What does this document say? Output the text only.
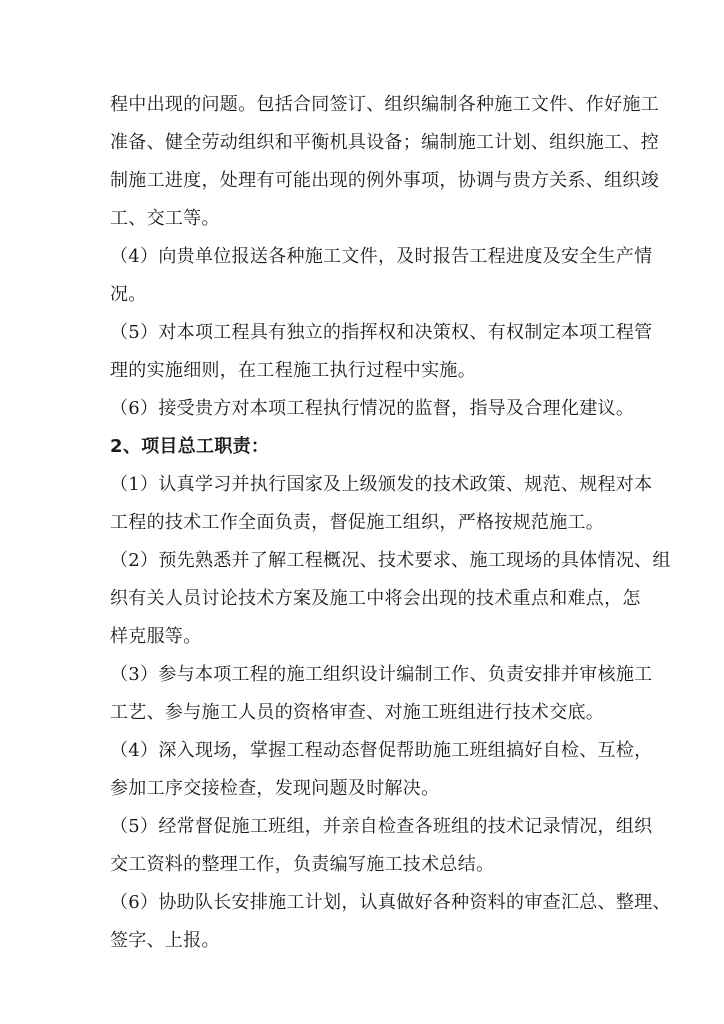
程中出现的问题。包括合同签订、组织编制各种施工文件、作好施工
准备、健全劳动组织和平衡机具设备；编制施工计划、组织施工、控
制施工进度，处理有可能出现的例外事项，协调与贵方关系、组织竣
工、交工等。
（4）向贵单位报送各种施工文件，及时报告工程进度及安全生产情
况。
（5）对本项工程具有独立的指挥权和决策权、有权制定本项工程管
理的实施细则，在工程施工执行过程中实施。
（6）接受贵方对本项工程执行情况的监督，指导及合理化建议。
2、项目总工职责：
（1）认真学习并执行国家及上级颁发的技术政策、规范、规程对本
工程的技术工作全面负责，督促施工组织，严格按规范施工。
（2）预先熟悉并了解工程概况、技术要求、施工现场的具体情况、组
织有关人员讨论技术方案及施工中将会出现的技术重点和难点，怎
样克服等。
（3）参与本项工程的施工组织设计编制工作、负责安排并审核施工
工艺、参与施工人员的资格审查、对施工班组进行技术交底。
（4）深入现场，掌握工程动态督促帮助施工班组搞好自检、互检，
参加工序交接检查，发现问题及时解决。
（5）经常督促施工班组，并亲自检查各班组的技术记录情况，组织
交工资料的整理工作，负责编写施工技术总结。
（6）协助队长安排施工计划，认真做好各种资料的审查汇总、整理、
签字、上报。
